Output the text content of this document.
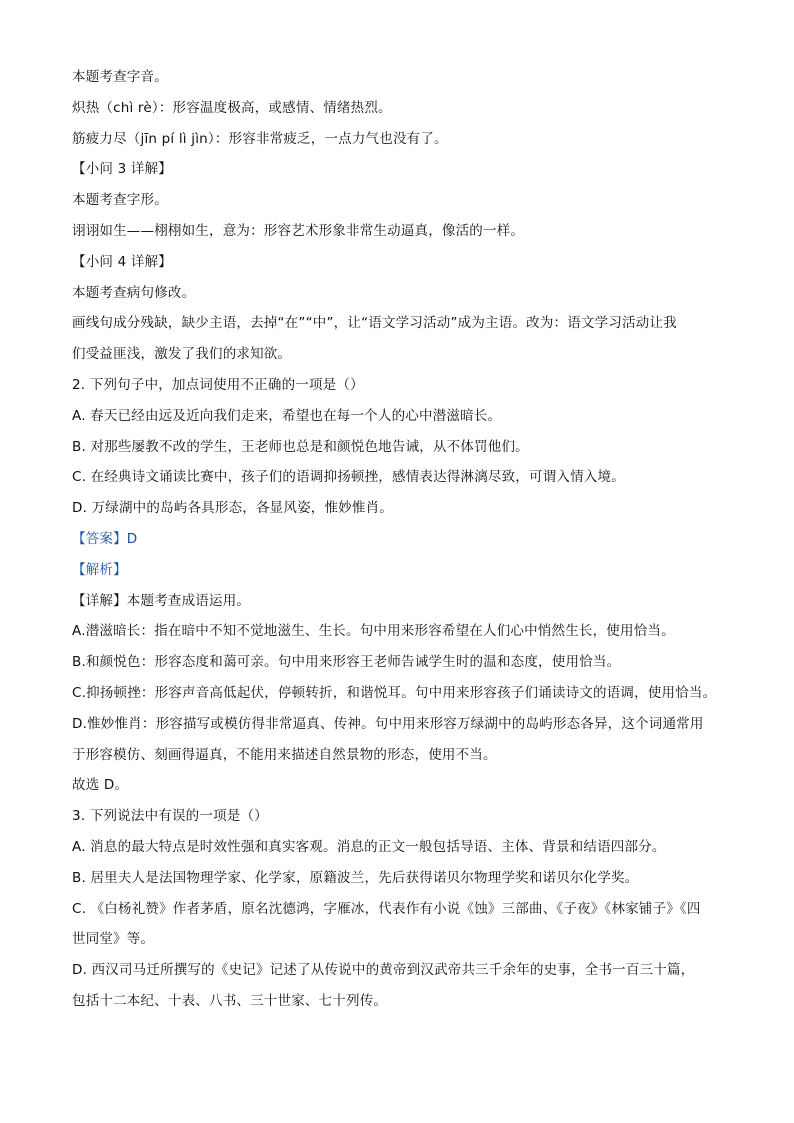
本题考查字音。
炽热（chì rè）：形容温度极高，或感情、情绪热烈。
筋疲力尽（jīn pí lì jìn）：形容非常疲乏，一点力气也没有了。
【小问 3 详解】
本题考查字形。
诩诩如生——栩栩如生，意为：形容艺术形象非常生动逼真，像活的一样。
【小问 4 详解】
本题考查病句修改。
画线句成分残缺，缺少主语，去掉“在”“中”，让“语文学习活动”成为主语。改为：语文学习活动让我
们受益匪浅，激发了我们的求知欲。
2. 下列句子中，加点词使用不正确的一项是（）
A. 春天已经由远及近向我们走来，希望也在每一个人的心中潜滋暗长。
B. 对那些屡教不改的学生，王老师也总是和颜悦色地告诫，从不体罚他们。
C. 在经典诗文诵读比赛中，孩子们的语调抑扬顿挫，感情表达得淋漓尽致，可谓入情入境。
D. 万绿湖中的岛屿各具形态，各显风姿，惟妙惟肖。
【答案】D
【解析】
【详解】本题考查成语运用。
A.潜滋暗长：指在暗中不知不觉地滋生、生长。句中用来形容希望在人们心中悄然生长，使用恰当。
B.和颜悦色：形容态度和蔼可亲。句中用来形容王老师告诫学生时的温和态度，使用恰当。
C.抑扬顿挫：形容声音高低起伏，停顿转折，和谐悦耳。句中用来形容孩子们诵读诗文的语调，使用恰当。
D.惟妙惟肖：形容描写或模仿得非常逼真、传神。句中用来形容万绿湖中的岛屿形态各异，这个词通常用
于形容模仿、刻画得逼真，不能用来描述自然景物的形态，使用不当。
故选 D。
3. 下列说法中有误的一项是（）
A. 消息的最大特点是时效性强和真实客观。消息的正文一般包括导语、主体、背景和结语四部分。
B. 居里夫人是法国物理学家、化学家，原籍波兰，先后获得诺贝尔物理学奖和诺贝尔化学奖。
C. 《白杨礼赞》作者茅盾，原名沈德鸿，字雁冰，代表作有小说《蚀》三部曲、《子夜》《林家铺子》《四
世同堂》等。
D. 西汉司马迁所撰写的《史记》记述了从传说中的黄帝到汉武帝共三千余年的史事，全书一百三十篇，
包括十二本纪、十表、八书、三十世家、七十列传。
